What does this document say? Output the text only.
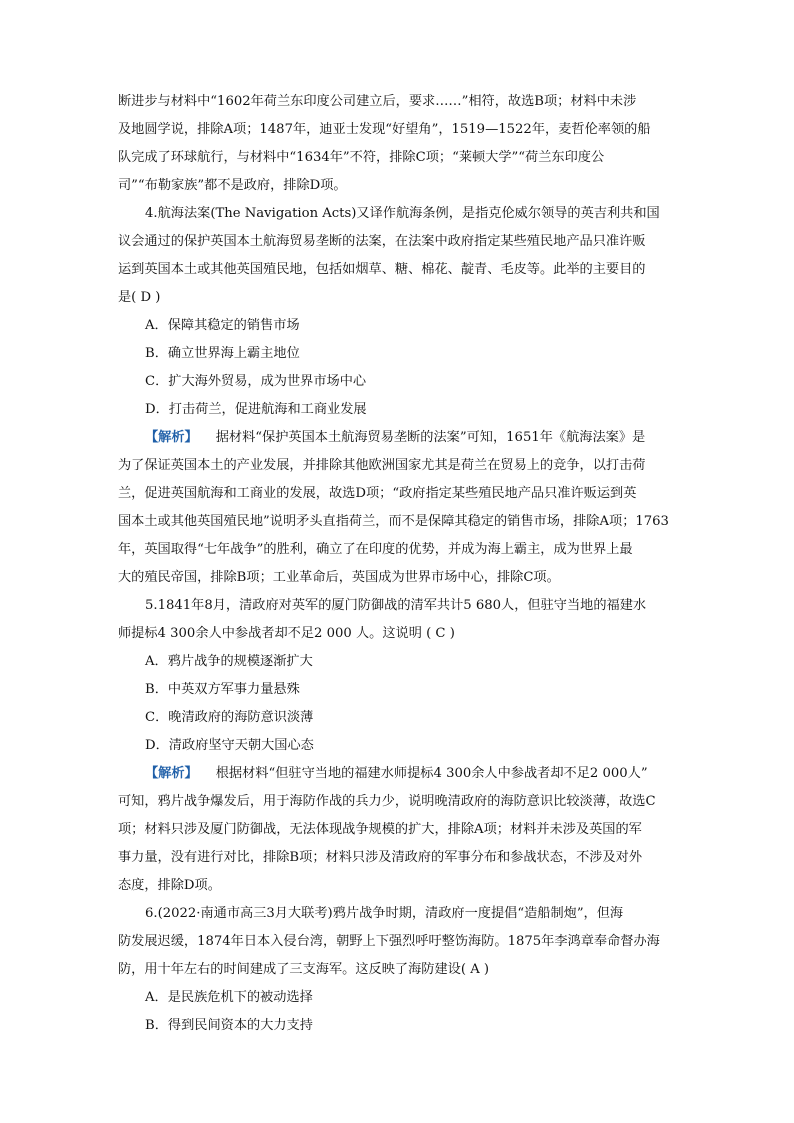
断进步与材料中“1602年荷兰东印度公司建立后，要求……”相符，故选B项；材料中未涉
及地圆学说，排除A项；1487年，迪亚士发现“好望角”，1519—1522年，麦哲伦率领的船
队完成了环球航行，与材料中“1634年”不符，排除C项；“莱顿大学”“荷兰东印度公
司”“布勒家族”都不是政府，排除D项。
4.航海法案(The Navigation Acts)又译作航海条例，是指克伦威尔领导的英吉利共和国
议会通过的保护英国本土航海贸易垄断的法案，在法案中政府指定某些殖民地产品只准许贩
运到英国本土或其他英国殖民地，包括如烟草、糖、棉花、靛青、毛皮等。此举的主要目的
是( D )
A．保障其稳定的销售市场
B．确立世界海上霸主地位
C．扩大海外贸易，成为世界市场中心
D．打击荷兰，促进航海和工商业发展
【解析】 据材料“保护英国本土航海贸易垄断的法案”可知，1651年《航海法案》是
为了保证英国本土的产业发展，并排除其他欧洲国家尤其是荷兰在贸易上的竞争，以打击荷
兰，促进英国航海和工商业的发展，故选D项；“政府指定某些殖民地产品只准许贩运到英
国本土或其他英国殖民地”说明矛头直指荷兰，而不是保障其稳定的销售市场，排除A项；1763
年，英国取得“七年战争”的胜利，确立了在印度的优势，并成为海上霸主，成为世界上最
大的殖民帝国，排除B项；工业革命后，英国成为世界市场中心，排除C项。
5.1841年8月，清政府对英军的厦门防御战的清军共计5 680人，但驻守当地的福建水
师提标4 300余人中参战者却不足2 000 人。这说明 ( C )
A．鸦片战争的规模逐渐扩大
B．中英双方军事力量悬殊
C．晚清政府的海防意识淡薄
D．清政府坚守天朝大国心态
【解析】 根据材料“但驻守当地的福建水师提标4 300余人中参战者却不足2 000人”
可知，鸦片战争爆发后，用于海防作战的兵力少，说明晚清政府的海防意识比较淡薄，故选C
项；材料只涉及厦门防御战，无法体现战争规模的扩大，排除A项；材料并未涉及英国的军
事力量，没有进行对比，排除B项；材料只涉及清政府的军事分布和参战状态，不涉及对外
态度，排除D项。
6.(2022·南通市高三3月大联考)鸦片战争时期，清政府一度提倡“造船制炮”，但海
防发展迟缓，1874年日本入侵台湾，朝野上下强烈呼吁整饬海防。1875年李鸿章奉命督办海
防，用十年左右的时间建成了三支海军。这反映了海防建设( A )
A．是民族危机下的被动选择
B．得到民间资本的大力支持
